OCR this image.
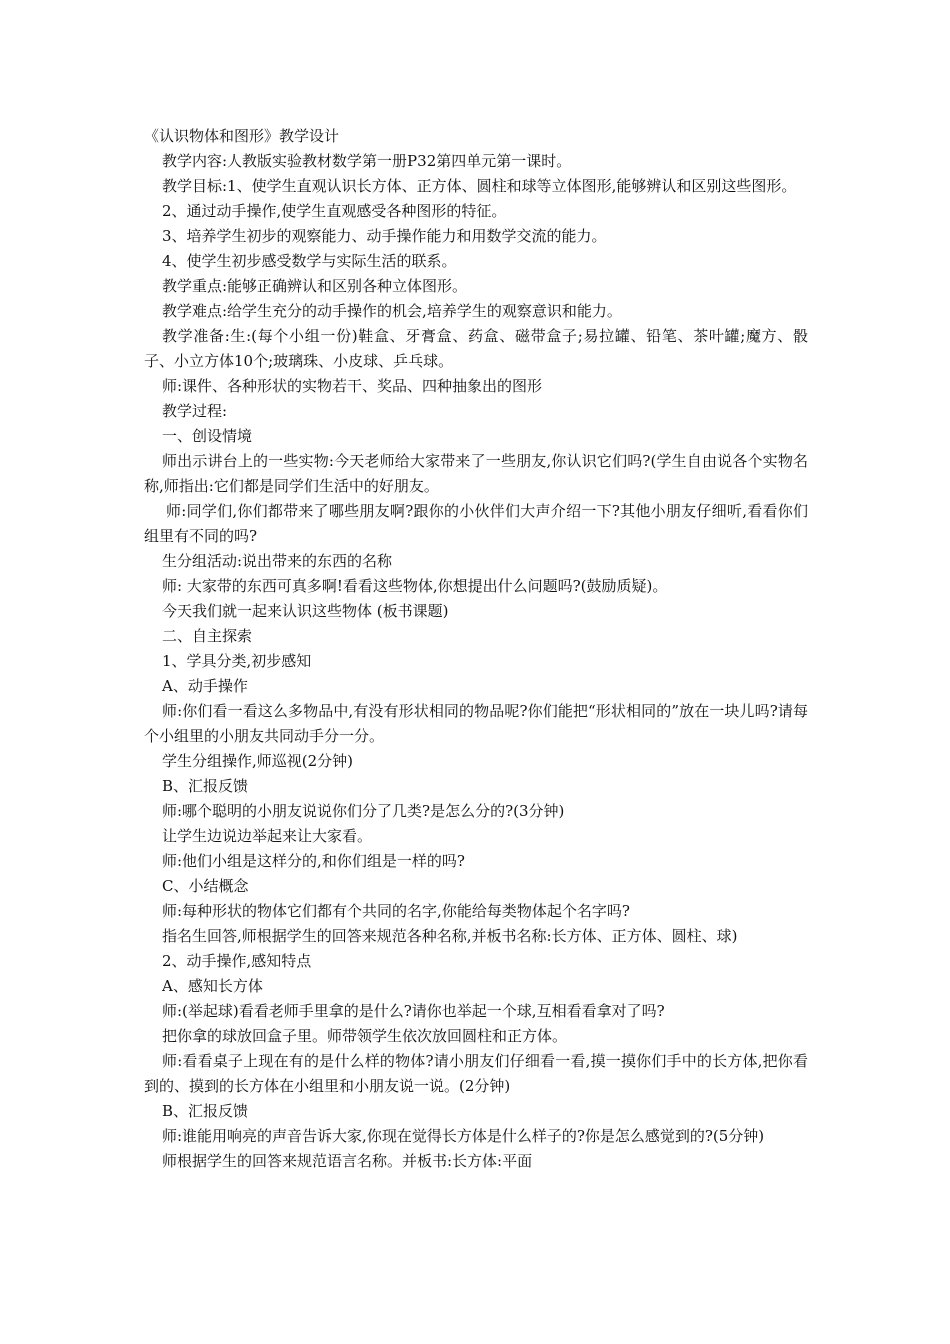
《认识物体和图形》教学设计

教学内容:人教版实验教材数学第一册P32第四单元第一课时。

教学目标:1、使学生直观认识长方体、正方体、圆柱和球等立体图形,能够辨认和区别这些图形。

2、通过动手操作,使学生直观感受各种图形的特征。

3、培养学生初步的观察能力、动手操作能力和用数学交流的能力。

4、使学生初步感受数学与实际生活的联系。

教学重点:能够正确辨认和区别各种立体图形。

教学难点:给学生充分的动手操作的机会,培养学生的观察意识和能力。

教学准备:生:(每个小组一份)鞋盒、牙膏盒、药盒、磁带盒子;易拉罐、铅笔、茶叶罐;魔方、骰子、小立方体10个;玻璃珠、小皮球、乒乓球。

师:课件、各种形状的实物若干、奖品、四种抽象出的图形

教学过程:

一、创设情境

师出示讲台上的一些实物:今天老师给大家带来了一些朋友,你认识它们吗?(学生自由说各个实物名称,师指出:它们都是同学们生活中的好朋友。

师:同学们,你们都带来了哪些朋友啊?跟你的小伙伴们大声介绍一下?其他小朋友仔细听,看看你们组里有不同的吗?

生分组活动:说出带来的东西的名称

师: 大家带的东西可真多啊!看看这些物体,你想提出什么问题吗?(鼓励质疑)。

今天我们就一起来认识这些物体 (板书课题)

二、自主探索

1、学具分类,初步感知

A、动手操作

师:你们看一看这么多物品中,有没有形状相同的物品呢?你们能把“形状相同的”放在一块儿吗?请每个小组里的小朋友共同动手分一分。

学生分组操作,师巡视(2分钟)

B、汇报反馈

师:哪个聪明的小朋友说说你们分了几类?是怎么分的?(3分钟)

让学生边说边举起来让大家看。

师:他们小组是这样分的,和你们组是一样的吗?

C、小结概念

师:每种形状的物体它们都有个共同的名字,你能给每类物体起个名字吗?

指名生回答,师根据学生的回答来规范各种名称,并板书名称:长方体、正方体、圆柱、球)

2、动手操作,感知特点

A、感知长方体

师:(举起球)看看老师手里拿的是什么?请你也举起一个球,互相看看拿对了吗?

把你拿的球放回盒子里。师带领学生依次放回圆柱和正方体。

师:看看桌子上现在有的是什么样的物体?请小朋友们仔细看一看,摸一摸你们手中的长方体,把你看到的、摸到的长方体在小组里和小朋友说一说。(2分钟)

B、汇报反馈

师:谁能用响亮的声音告诉大家,你现在觉得长方体是什么样子的?你是怎么感觉到的?(5分钟)

师根据学生的回答来规范语言名称。并板书:长方体:平面
